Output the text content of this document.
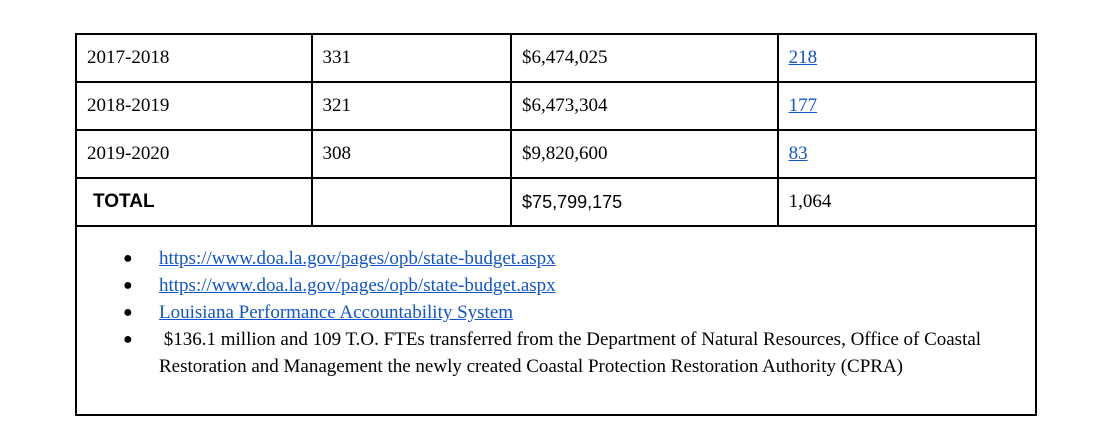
2017-2018	331	$6,474,025	218
2018-2019	321	$6,473,304	177
2019-2020	308	$9,820,600	83
TOTAL		$75,799,175	1,064
● https://www.doa.la.gov/pages/opb/state-budget.aspx
● https://www.doa.la.gov/pages/opb/state-budget.aspx
● Louisiana Performance Accountability System
● $136.1 million and 109 T.O. FTEs transferred from the Department of Natural Resources, Office of Coastal Restoration and Management the newly created Coastal Protection Restoration Authority (CPRA)
